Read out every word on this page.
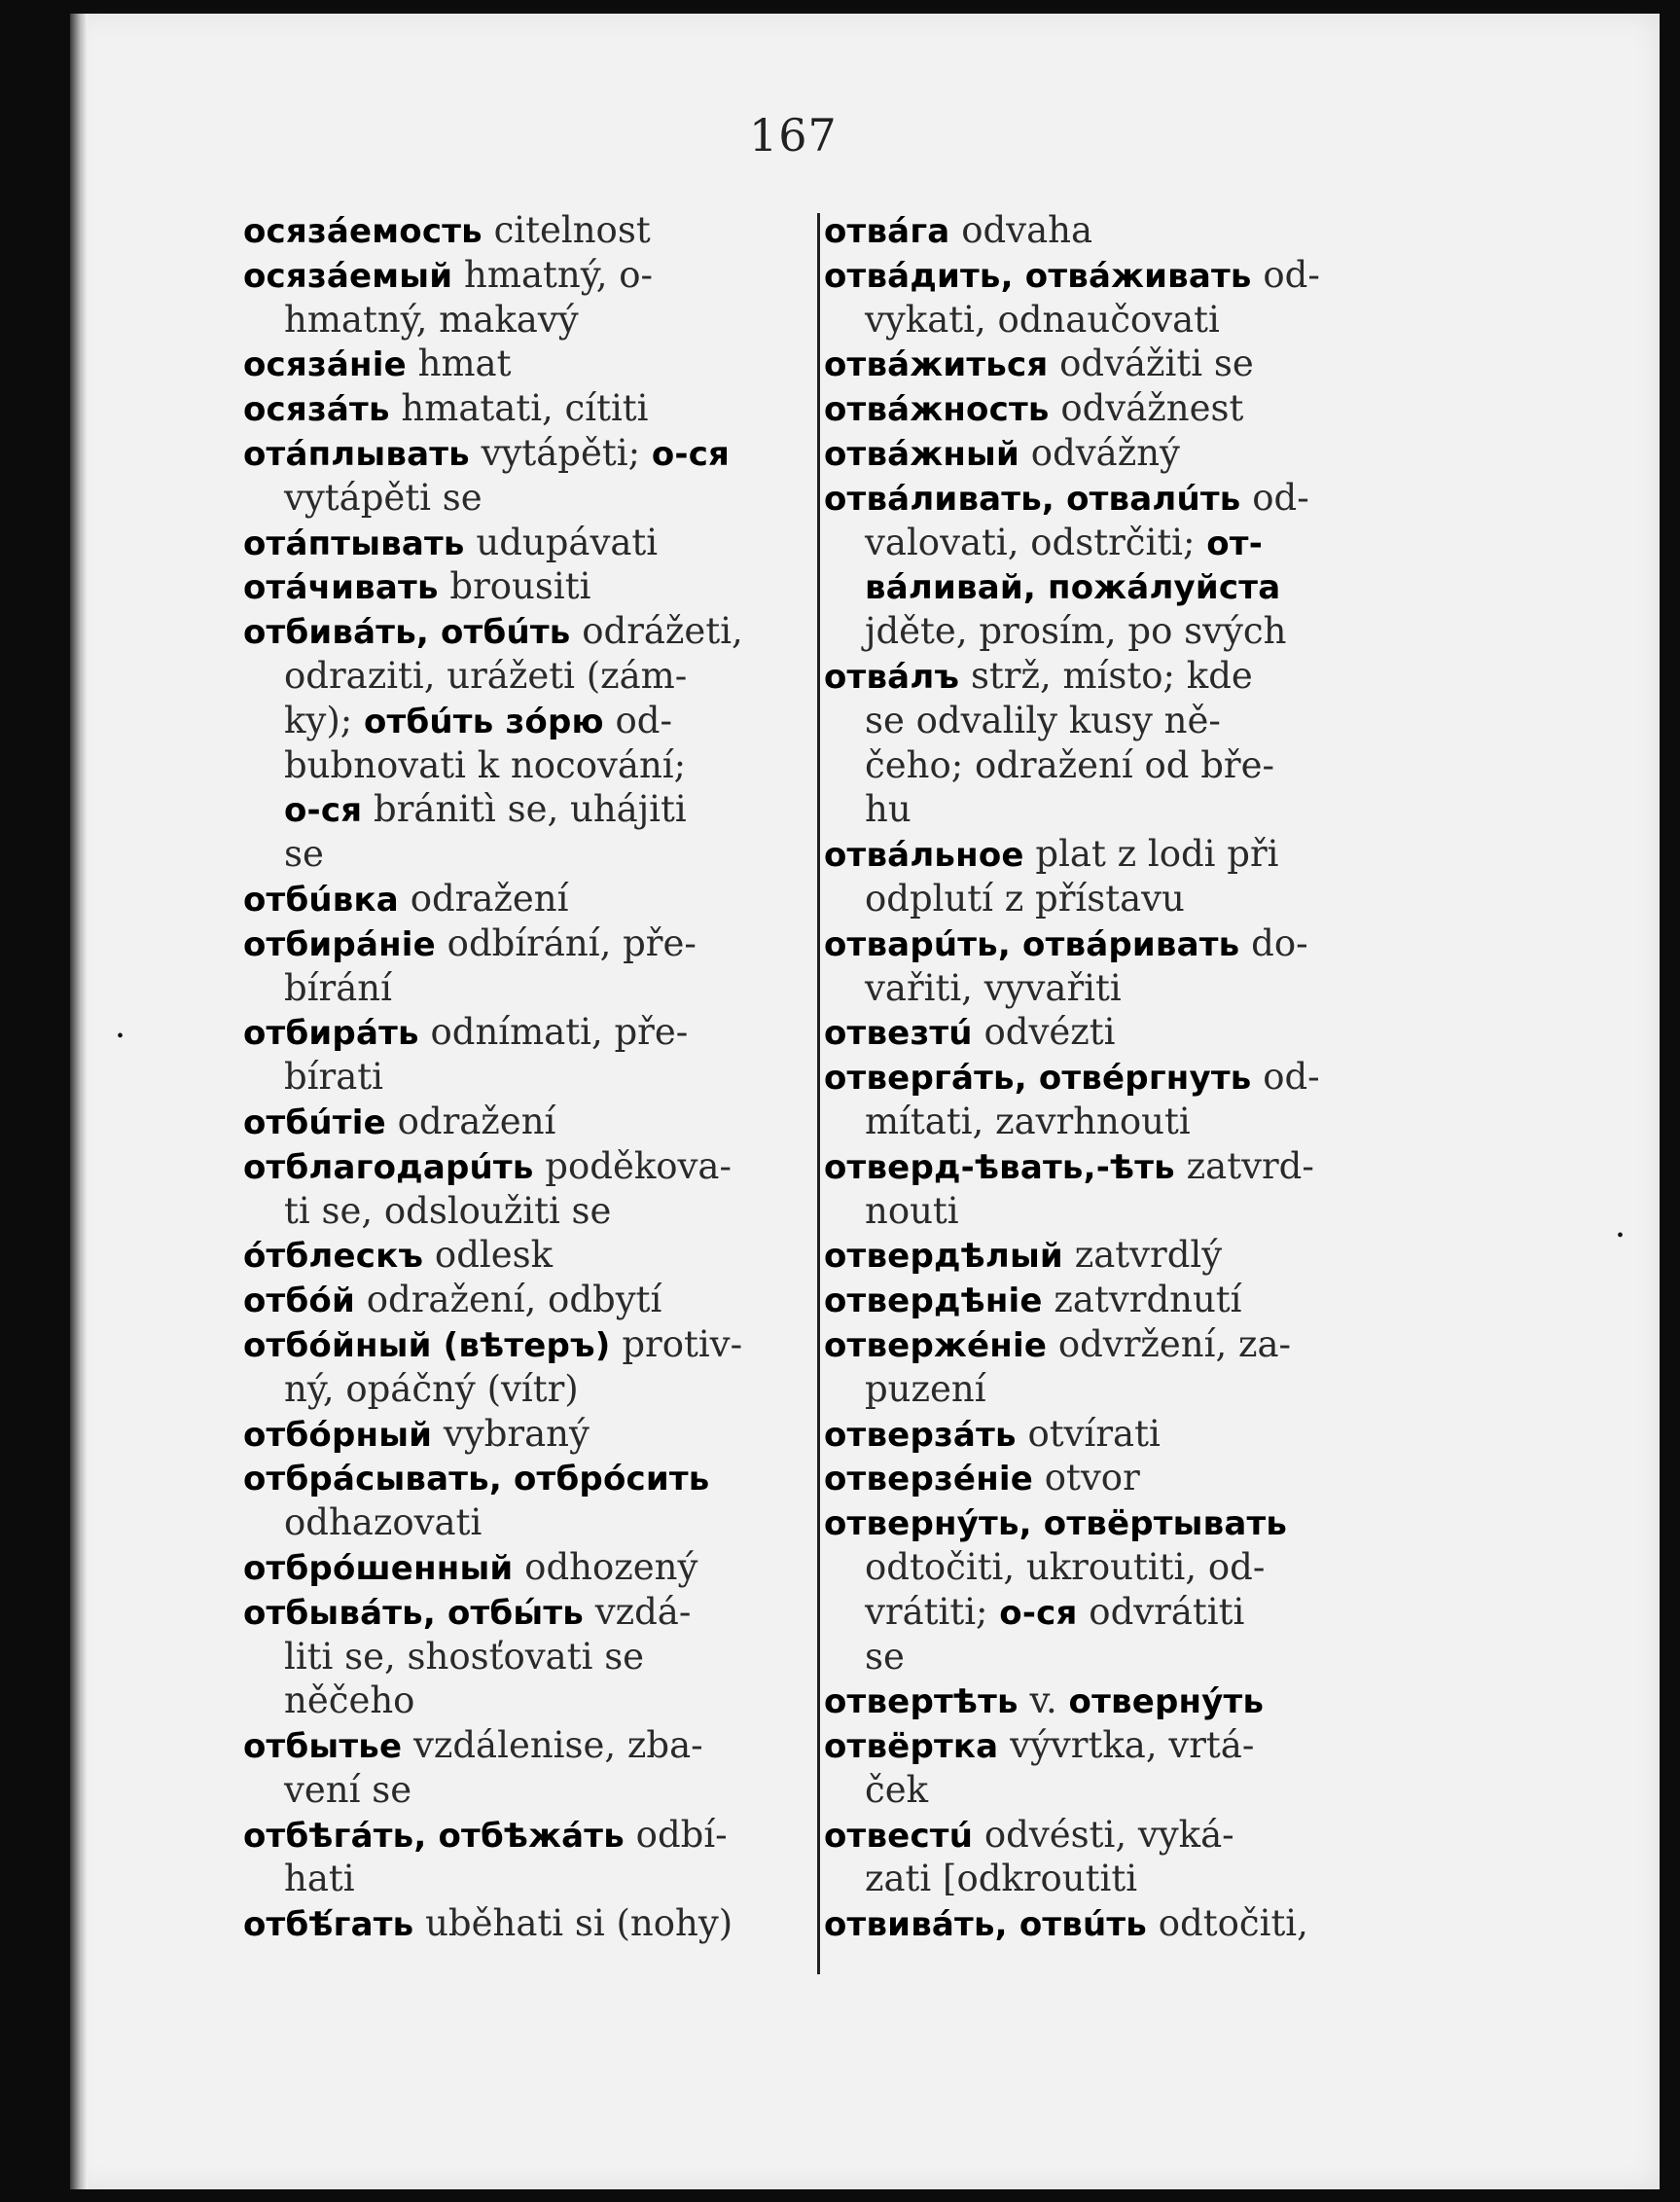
167
осязáемость citelnost
осязáемый hmatný, o-
hmatný, makavý
осязáніе hmat
осязáть hmatati, cítiti
отáплывать vytápěti; о-ся
vytápěti se
отáптывать udupávati
отáчивать brousiti
отбивáть, отбúть odrážeti,
odraziti, urážeti (zám-
ky); отбúть зóрю od-
bubnovati k nocování;
о-ся bránitì se, uhájiti
se
отбúвка odražení
отбирáніе odbírání, pře-
bírání
отбирáть odnímati, pře-
bírati
отбúтіе odražení
отблагодарúть poděkova-
ti se, odsloužiti se
óтблескъ odlesk
отбóй odražení, odbytí
отбóйный (вѣтеръ) protiv-
ný, opáčný (vítr)
отбóрный vybraný
отбрáсывать, отбрóсить
odhazovati
отбрóшенный odhozený
отбывáть, отбы́ть vzdá-
liti se, shosťovati se
něčeho
отбытье vzdálenise, zba-
vení se
отбѣгáть, отбѣжáть odbí-
hati
отбѣ́гать uběhati si (nohy)
отвáга odvaha
отвáдить, отвáживать od-
vykati, odnaučovati
отвáжиться odvážiti se
отвáжность odvážnest
отвáжный odvážný
отвáливать, отвалúть od-
valovati, odstrčiti; от-
вáливай, пожáлуйста
jděte, prosím, po svých
отвáлъ strž, místo; kde
se odvalily kusy ně-
čeho; odražení od bře-
hu
отвáльное plat z lodi při
odplutí z přístavu
отварúть, отвáривать do-
vařiti, vyvařiti
отвезтú odvézti
отвергáть, отвéргнуть od-
mítati, zavrhnouti
отверд-ѣвать,-ѣть zatvrd-
nouti
отвердѣлый zatvrdlý
отвердѣніе zatvrdnutí
отвержéніе odvržení, za-
puzení
отверзáть otvírati
отверзéніе otvor
отвернýть, отвёртывать
odtočiti, ukroutiti, od-
vrátiti; о-ся odvrátiti
se
отвертѣть v. отвернýть
отвёртка vývrtka, vrtá-
ček
отвестú odvésti, vyká-
zati [odkroutiti
отвивáть, отвúть odtočiti,
•
•
